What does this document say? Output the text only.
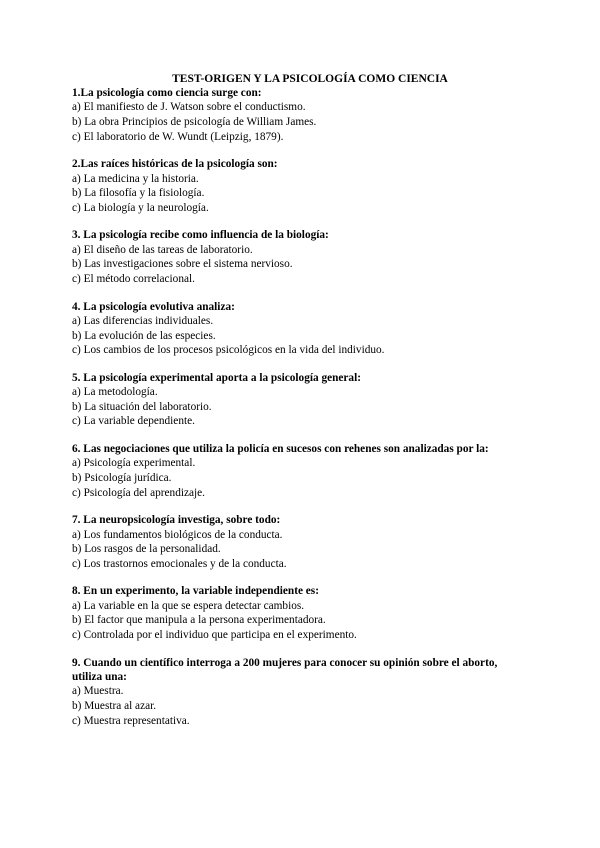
TEST-ORIGEN Y LA PSICOLOGÍA COMO CIENCIA

1.La psicología como ciencia surge con:

a) El manifiesto de J. Watson sobre el conductismo.
b) La obra Principios de psicología de William James.
c) El laboratorio de W. Wundt (Leipzig, 1879).

2.Las raíces históricas de la psicología son:

a) La medicina y la historia.
b) La filosofía y la fisiología.
c) La biología y la neurología.

3. La psicología recibe como influencia de la biología:

a) El diseño de las tareas de laboratorio.
b) Las investigaciones sobre el sistema nervioso.
c) El método correlacional.

4. La psicología evolutiva analiza:

a) Las diferencias individuales.
b) La evolución de las especies.
c) Los cambios de los procesos psicológicos en la vida del individuo.

5. La psicología experimental aporta a la psicología general:

a) La metodología.
b) La situación del laboratorio.
c) La variable dependiente.

6. Las negociaciones que utiliza la policía en sucesos con rehenes son analizadas por la:

a) Psicología experimental.
b) Psicología jurídica.
c) Psicología del aprendizaje.

7. La neuropsicología investiga, sobre todo:

a) Los fundamentos biológicos de la conducta.
b) Los rasgos de la personalidad.
c) Los trastornos emocionales y de la conducta.

8. En un experimento, la variable independiente es:

a) La variable en la que se espera detectar cambios.
b) El factor que manipula a la persona experimentadora.
c) Controlada por el individuo que participa en el experimento.

9. Cuando un científico interroga a 200 mujeres para conocer su opinión sobre el aborto, utiliza una:

a) Muestra.
b) Muestra al azar.
c) Muestra representativa.
